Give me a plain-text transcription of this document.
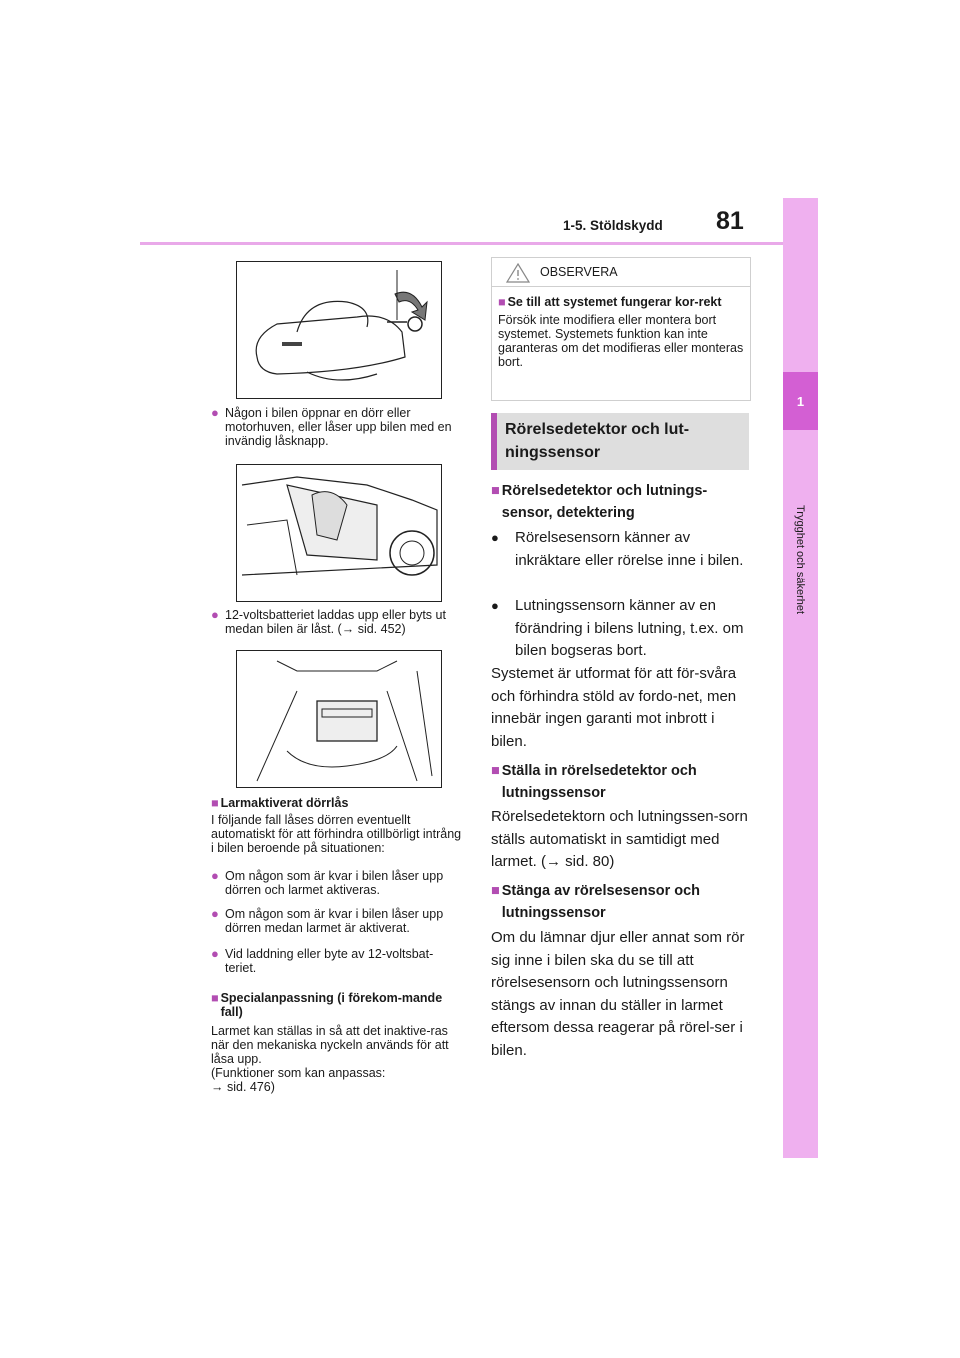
1-5. Stöldskydd 81
1
Trygghet och säkerhet
● Någon i bilen öppnar en dörr eller motorhuven, eller låser upp bilen med en invändig låsknapp.
● 12-voltsbatteriet laddas upp eller byts ut medan bilen är låst. (→ sid. 452)
■ Larmaktiverat dörrlås
I följande fall låses dörren eventuellt automatiskt för att förhindra otillbörligt intrång i bilen beroende på situationen:
● Om någon som är kvar i bilen låser upp dörren och larmet aktiveras.
● Om någon som är kvar i bilen låser upp dörren medan larmet är aktiverat.
● Vid laddning eller byte av 12-voltsbat-teriet.
■ Specialanpassning (i förekom-mande fall)
Larmet kan ställas in så att det inaktive-ras när den mekaniska nyckeln används för att låsa upp.
(Funktioner som kan anpassas:
→ sid. 476)
OBSERVERA
■ Se till att systemet fungerar kor-rekt
Försök inte modifiera eller montera bort systemet. Systemets funktion kan inte garanteras om det modifieras eller monteras bort.
Rörelsedetektor och lut-ningssensor
■ Rörelsedetektor och lutnings-sensor, detektering
●	Rörelsesensorn känner av inkräktare eller rörelse inne i bilen.
●	Lutningssensorn känner av en förändring i bilens lutning, t.ex. om bilen bogseras bort.
Systemet är utformat för att för-svåra och förhindra stöld av fordo-net, men innebär ingen garanti mot inbrott i bilen.
■ Ställa in rörelsedetektor och lutningssensor
Rörelsedetektorn och lutningssen-sorn ställs automatiskt in samtidigt med larmet. (→ sid. 80)
■ Stänga av rörelsesensor och lutningssensor
Om du lämnar djur eller annat som rör sig inne i bilen ska du se till att rörelsesensorn och lutningssensorn stängs av innan du ställer in larmet eftersom dessa reagerar på rörel-ser i bilen.
